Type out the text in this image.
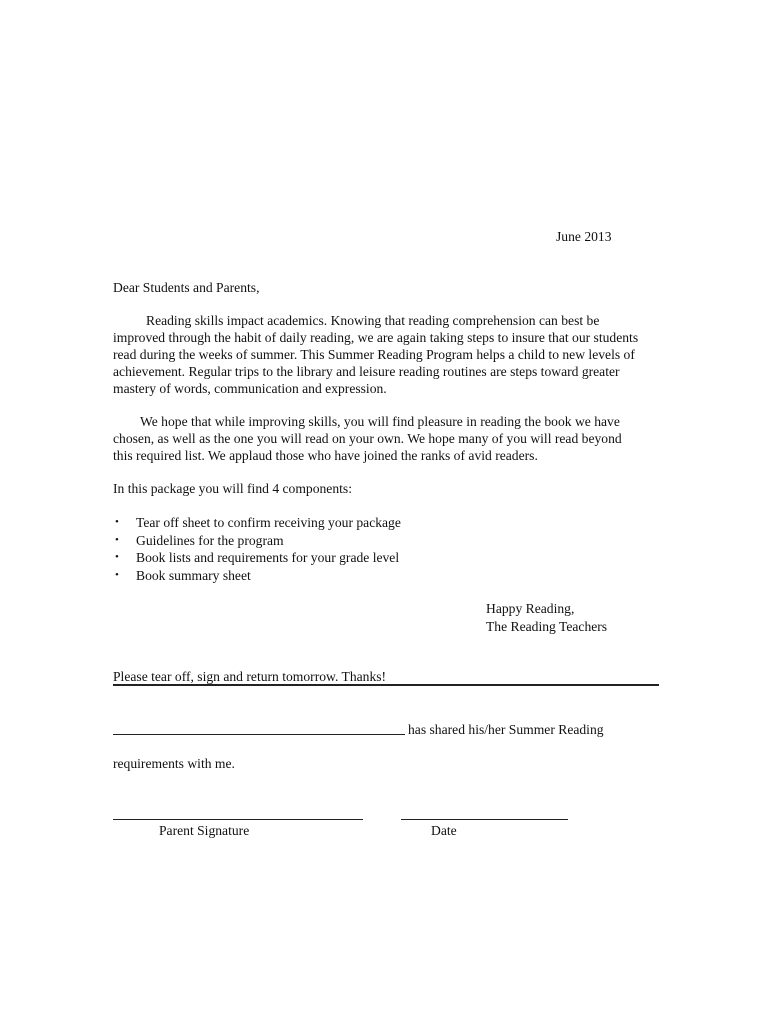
June 2013
Dear Students and Parents,
Reading skills impact academics. Knowing that reading comprehension can best be
improved through the habit of daily reading, we are again taking steps to insure that our students
read during the weeks of summer. This Summer Reading Program helps a child to new levels of
achievement. Regular trips to the library and leisure reading routines are steps toward greater
mastery of words, communication and expression.
We hope that while improving skills, you will find pleasure in reading the book we have
chosen, as well as the one you will read on your own. We hope many of you will read beyond
this required list. We applaud those who have joined the ranks of avid readers.
In this package you will find 4 components:
• Tear off sheet to confirm receiving your package
• Guidelines for the program
• Book lists and requirements for your grade level
• Book summary sheet
Happy Reading,
The Reading Teachers
Please tear off, sign and return tomorrow. Thanks!
has shared his/her Summer Reading
requirements with me.
Parent Signature	Date
